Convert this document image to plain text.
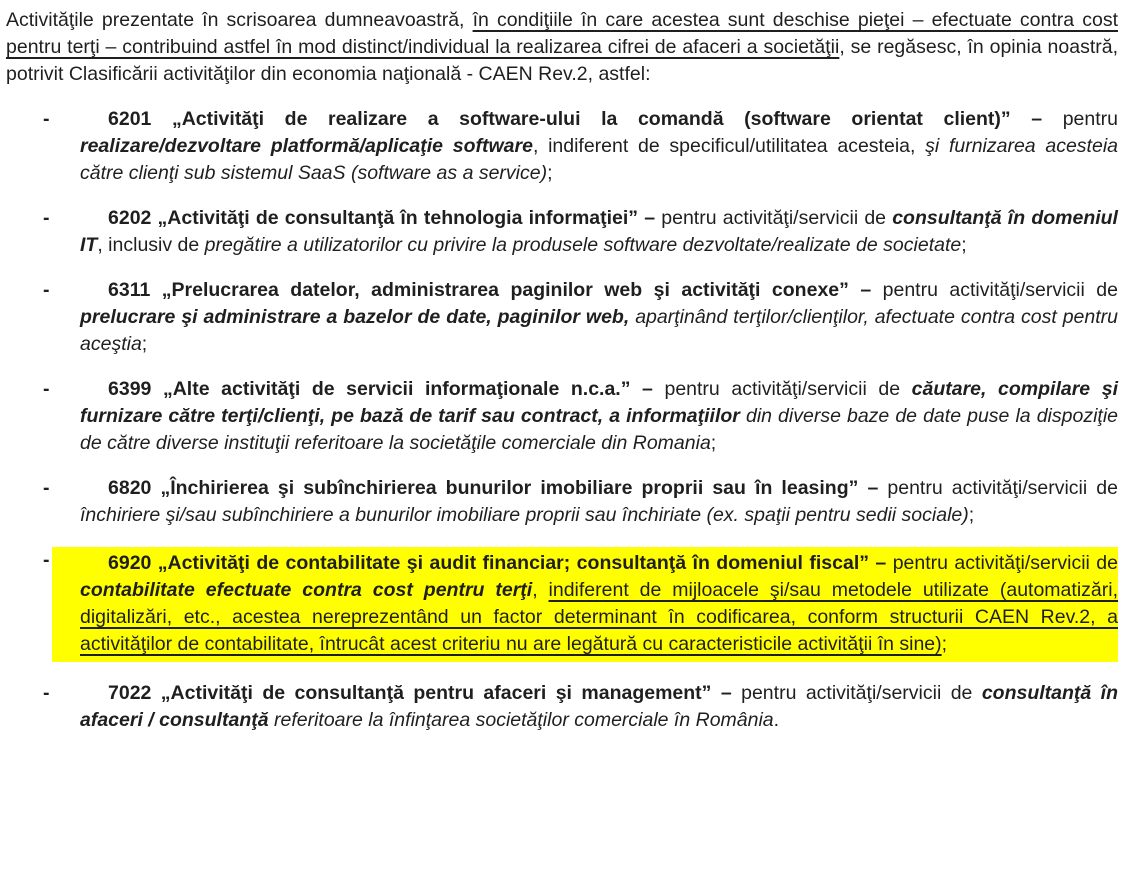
Activităţile prezentate în scrisoarea dumneavoastră, în condiţiile în care acestea sunt deschise pieţei – efectuate contra cost pentru terţi – contribuind astfel în mod distinct/individual la realizarea cifrei de afaceri a societăţii, se regăsesc, în opinia noastră, potrivit Clasificării activităţilor din economia naţională - CAEN Rev.2, astfel:
-	6201 „Activităţi de realizare a software-ului la comandă (software orientat client)” – pentru realizare/dezvoltare platformă/aplicaţie software, indiferent de specificul/utilitatea acesteia, şi furnizarea acesteia către clienţi sub sistemul SaaS (software as a service);
-	6202 „Activităţi de consultanţă în tehnologia informaţiei” – pentru activităţi/servicii de consultanţă în domeniul IT, inclusiv de pregătire a utilizatorilor cu privire la produsele software dezvoltate/realizate de societate;
-	6311 „Prelucrarea datelor, administrarea paginilor web şi activităţi conexe” – pentru activităţi/servicii de prelucrare şi administrare a bazelor de date, paginilor web, aparţinând terţilor/clienţilor, afectuate contra cost pentru aceştia;
-	6399 „Alte activităţi de servicii informaţionale n.c.a.” – pentru activităţi/servicii de căutare, compilare şi furnizare către terţi/clienţi, pe bază de tarif sau contract, a informaţiilor din diverse baze de date puse la dispoziţie de către diverse instituţii referitoare la societăţile comerciale din Romania;
-	6820 „Închirierea şi subînchirierea bunurilor imobiliare proprii sau în leasing” – pentru activităţi/servicii de închiriere şi/sau subînchiriere a bunurilor imobiliare proprii sau închiriate (ex. spaţii pentru sedii sociale);
-	6920 „Activităţi de contabilitate şi audit financiar; consultanţă în domeniul fiscal” – pentru activităţi/servicii de contabilitate efectuate contra cost pentru terţi, indiferent de mijloacele şi/sau metodele utilizate (automatizări, digitalizări, etc., acestea nereprezentând un factor determinant în codificarea, conform structurii CAEN Rev.2, a activităţilor de contabilitate, întrucât acest criteriu nu are legătură cu caracteristicile activităţii în sine);
-	7022 „Activităţi de consultanţă pentru afaceri şi management” – pentru activităţi/servicii de consultanţă în afaceri / consultanţă referitoare la înfinţarea societăţilor comerciale în România.
